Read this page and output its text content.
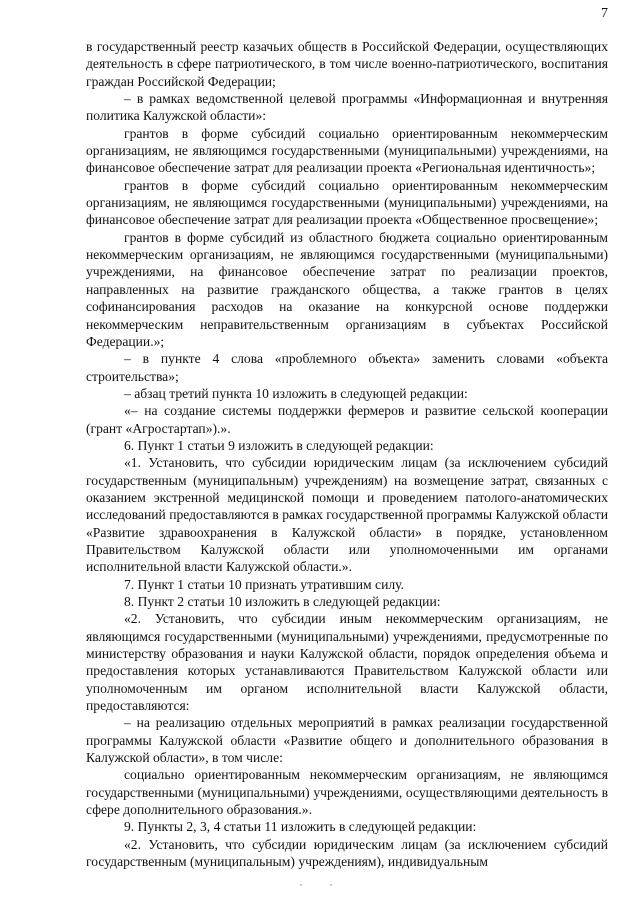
7

в государственный реестр казачьих обществ в Российской Федерации, осуществляющих деятельность в сфере патриотического, в том числе военно-патриотического, воспитания граждан Российской Федерации;

– в рамках ведомственной целевой программы «Информационная и внутренняя политика Калужской области»:

грантов в форме субсидий социально ориентированным некоммерческим организациям, не являющимся государственными (муниципальными) учреждениями, на финансовое обеспечение затрат для реализации проекта «Региональная идентичность»;

грантов в форме субсидий социально ориентированным некоммерческим организациям, не являющимся государственными (муниципальными) учреждениями, на финансовое обеспечение затрат для реализации проекта «Общественное просвещение»;

грантов в форме субсидий из областного бюджета социально ориентированным некоммерческим организациям, не являющимся государственными (муниципальными) учреждениями, на финансовое обеспечение затрат по реализации проектов, направленных на развитие гражданского общества, а также грантов в целях софинансирования расходов на оказание на конкурсной основе поддержки некоммерческим неправительственным организациям в субъектах Российской Федерации.»;

– в пункте 4 слова «проблемного объекта» заменить словами «объекта строительства»;

– абзац третий пункта 10 изложить в следующей редакции:

«– на создание системы поддержки фермеров и развитие сельской кооперации (грант «Агростартап»).».

6. Пункт 1 статьи 9 изложить в следующей редакции:

«1. Установить, что субсидии юридическим лицам (за исключением субсидий государственным (муниципальным) учреждениям) на возмещение затрат, связанных с оказанием экстренной медицинской помощи и проведением патолого-анатомических исследований предоставляются в рамках государственной программы Калужской области «Развитие здравоохранения в Калужской области» в порядке, установленном Правительством Калужской области или уполномоченными им органами исполнительной власти Калужской области.».

7. Пункт 1 статьи 10 признать утратившим силу.

8. Пункт 2 статьи 10 изложить в следующей редакции:

«2. Установить, что субсидии иным некоммерческим организациям, не являющимся государственными (муниципальными) учреждениями, предусмотренные по министерству образования и науки Калужской области, порядок определения объема и предоставления которых устанавливаются Правительством Калужской области или уполномоченным им органом исполнительной власти Калужской области, предоставляются:

– на реализацию отдельных мероприятий в рамках реализации государственной программы Калужской области «Развитие общего и дополнительного образования в Калужской области», в том числе:

социально ориентированным некоммерческим организациям, не являющимся государственными (муниципальными) учреждениями, осуществляющими деятельность в сфере дополнительного образования.».

9. Пункты 2, 3, 4 статьи 11 изложить в следующей редакции:

«2. Установить, что субсидии юридическим лицам (за исключением субсидий государственным (муниципальным) учреждениям), индивидуальным
